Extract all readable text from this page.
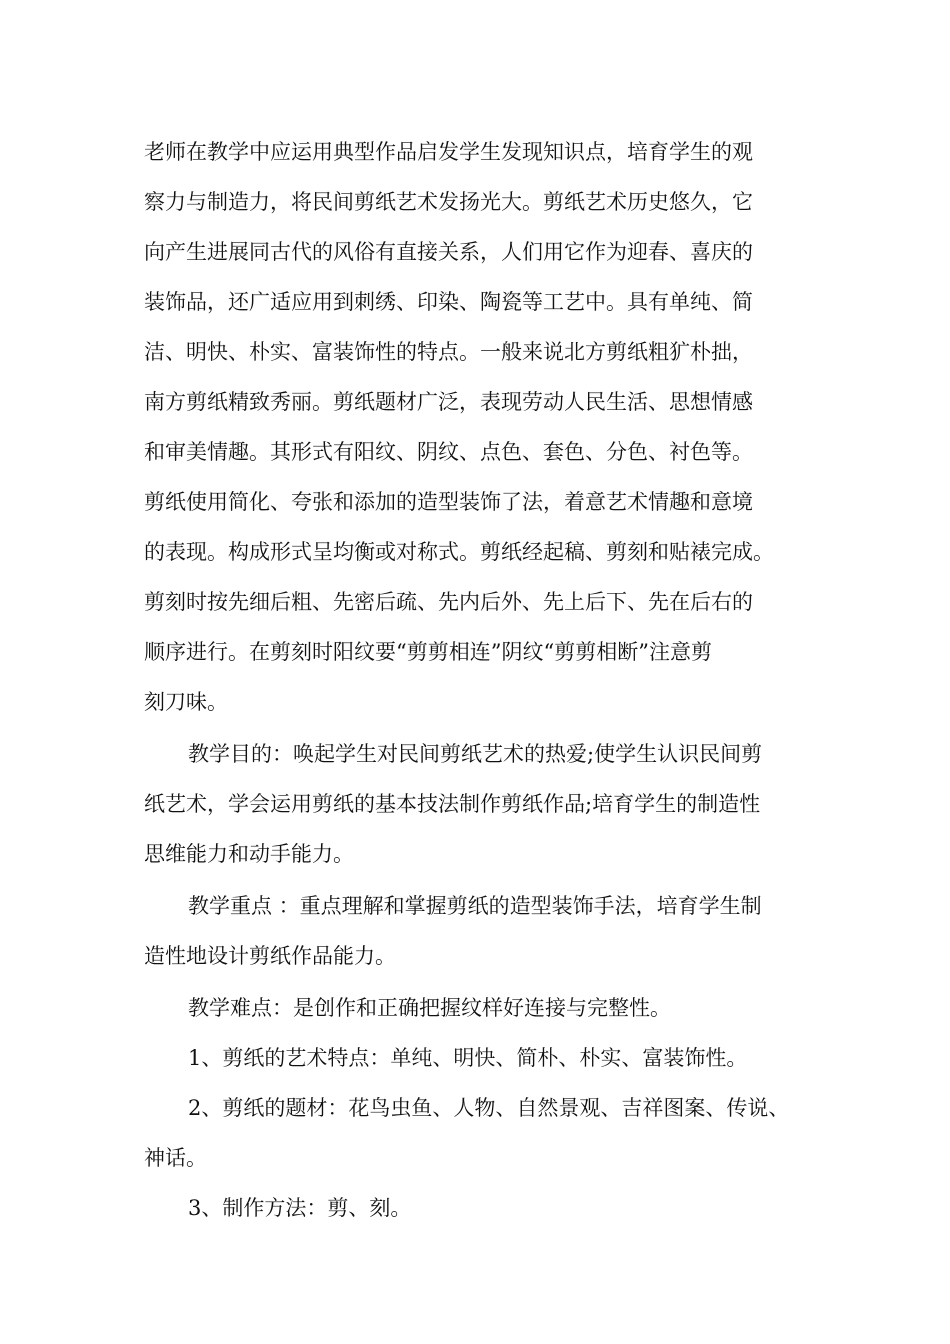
老师在教学中应运用典型作品启发学生发现知识点，培育学生的观
察力与制造力，将民间剪纸艺术发扬光大。剪纸艺术历史悠久，它
向产生进展同古代的风俗有直接关系，人们用它作为迎春、喜庆的
装饰品，还广适应用到刺绣、印染、陶瓷等工艺中。具有单纯、简
洁、明快、朴实、富装饰性的特点。一般来说北方剪纸粗犷朴拙，
南方剪纸精致秀丽。剪纸题材广泛，表现劳动人民生活、思想情感
和审美情趣。其形式有阳纹、阴纹、点色、套色、分色、衬色等。
剪纸使用简化、夸张和添加的造型装饰了法，着意艺术情趣和意境
的表现。构成形式呈均衡或对称式。剪纸经起稿、剪刻和贴裱完成。
剪刻时按先细后粗、先密后疏、先内后外、先上后下、先在后右的
顺序进行。在剪刻时阳纹要“剪剪相连”阴纹“剪剪相断”注意剪
刻刀味。
教学目的：唤起学生对民间剪纸艺术的热爱;使学生认识民间剪
纸艺术，学会运用剪纸的基本技法制作剪纸作品;培育学生的制造性
思维能力和动手能力。
教学重点 ：重点理解和掌握剪纸的造型装饰手法，培育学生制
造性地设计剪纸作品能力。
教学难点：是创作和正确把握纹样好连接与完整性。
1、剪纸的艺术特点：单纯、明快、简朴、朴实、富装饰性。
2、剪纸的题材：花鸟虫鱼、人物、自然景观、吉祥图案、传说、
神话。
3、制作方法：剪、刻。
